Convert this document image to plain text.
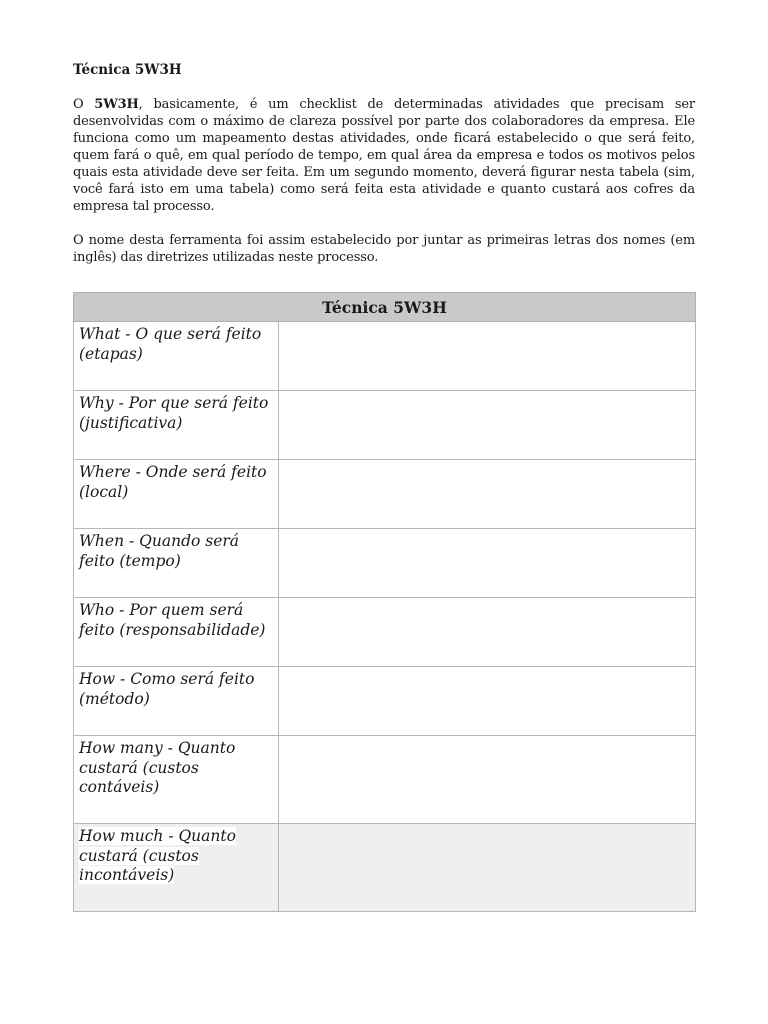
Técnica 5W3H

O 5W3H, basicamente, é um checklist de determinadas atividades que precisam ser desenvolvidas com o máximo de clareza possível por parte dos colaboradores da empresa. Ele funciona como um mapeamento destas atividades, onde ficará estabelecido o que será feito, quem fará o quê, em qual período de tempo, em qual área da empresa e todos os motivos pelos quais esta atividade deve ser feita. Em um segundo momento, deverá figurar nesta tabela (sim, você fará isto em uma tabela) como será feita esta atividade e quanto custará aos cofres da empresa tal processo.

O nome desta ferramenta foi assim estabelecido por juntar as primeiras letras dos nomes (em inglês) das diretrizes utilizadas neste processo.

Técnica 5W3H	
What - O que será feito (etapas)	
Why - Por que será feito (justificativa)	
Where - Onde será feito (local)	
When - Quando será feito (tempo)	
Who - Por quem será feito (responsabilidade)	
How - Como será feito (método)	
How many - Quanto custará (custos contáveis)	
How much - Quanto custará (custos incontáveis)	
